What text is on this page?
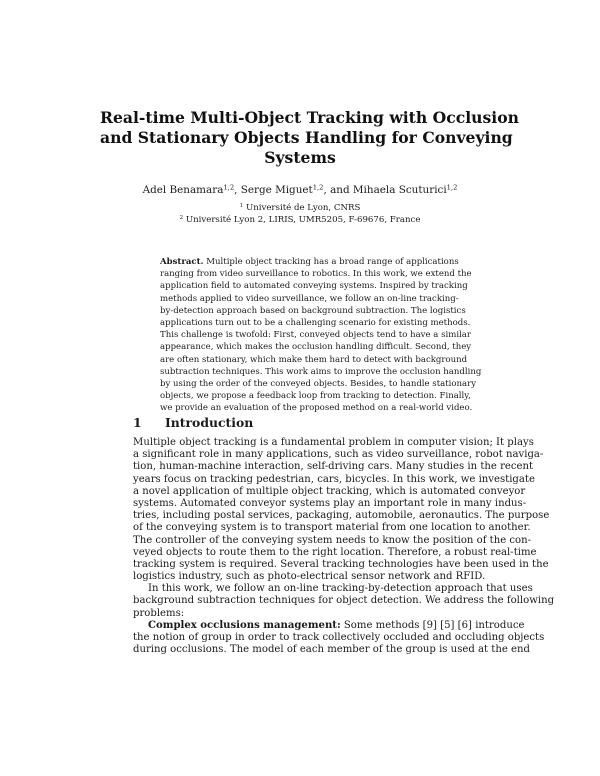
Real-time Multi-Object Tracking with Occlusion
and Stationary Objects Handling for Conveying
Systems
Adel Benamara$^{1,2}$, Serge Miguet$^{1,2}$, and Mihaela Scuturici$^{1,2}$
$^1$ Université de Lyon, CNRS
$^2$ Université Lyon 2, LIRIS, UMR5205, F-69676, France
Abstract. Multiple object tracking has a broad range of applications
ranging from video surveillance to robotics. In this work, we extend the
application field to automated conveying systems. Inspired by tracking
methods applied to video surveillance, we follow an on-line tracking-
by-detection approach based on background subtraction. The logistics
applications turn out to be a challenging scenario for existing methods.
This challenge is twofold: First, conveyed objects tend to have a similar
appearance, which makes the occlusion handling difficult. Second, they
are often stationary, which make them hard to detect with background
subtraction techniques. This work aims to improve the occlusion handling
by using the order of the conveyed objects. Besides, to handle stationary
objects, we propose a feedback loop from tracking to detection. Finally,
we provide an evaluation of the proposed method on a real-world video.
1 Introduction
Multiple object tracking is a fundamental problem in computer vision; It plays
a significant role in many applications, such as video surveillance, robot naviga-
tion, human-machine interaction, self-driving cars. Many studies in the recent
years focus on tracking pedestrian, cars, bicycles. In this work, we investigate
a novel application of multiple object tracking, which is automated conveyor
systems. Automated conveyor systems play an important role in many indus-
tries, including postal services, packaging, automobile, aeronautics. The purpose
of the conveying system is to transport material from one location to another.
The controller of the conveying system needs to know the position of the con-
veyed objects to route them to the right location. Therefore, a robust real-time
tracking system is required. Several tracking technologies have been used in the
logistics industry, such as photo-electrical sensor network and RFID.
In this work, we follow an on-line tracking-by-detection approach that uses
background subtraction techniques for object detection. We address the following
problems:
Complex occlusions management: Some methods [9] [5] [6] introduce
the notion of group in order to track collectively occluded and occluding objects
during occlusions. The model of each member of the group is used at the end
